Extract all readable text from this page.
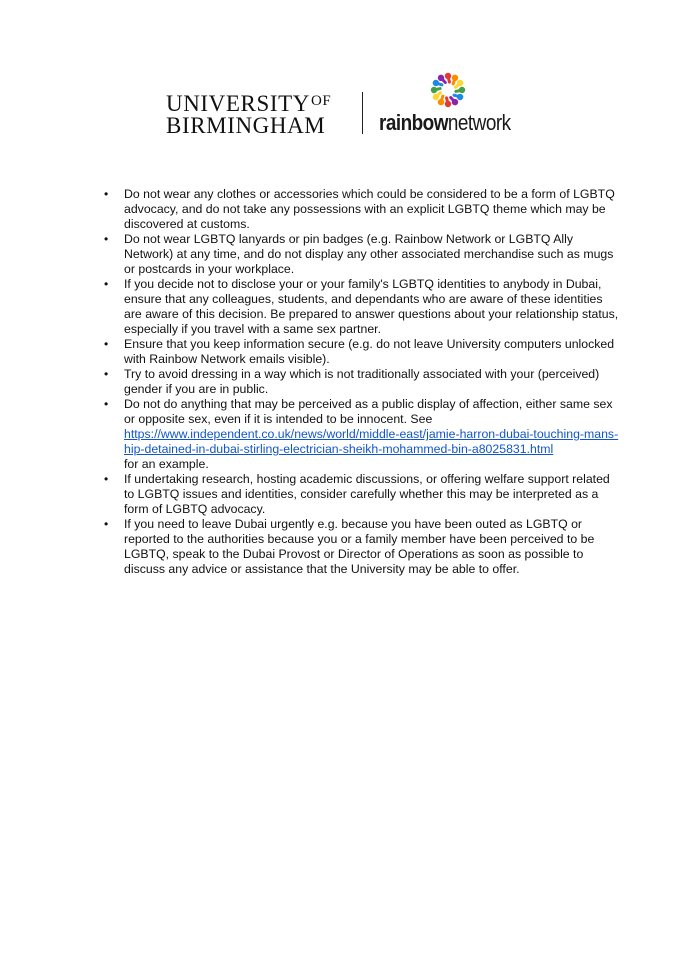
$UNIVERSITY^{OF}$
BIRMINGHAM rainbownetwork
• Do not wear any clothes or accessories which could be considered to be a form of LGBTQ advocacy, and do not take any possessions with an explicit LGBTQ theme which may be discovered at customs.
• Do not wear LGBTQ lanyards or pin badges (e.g. Rainbow Network or LGBTQ Ally Network) at any time, and do not display any other associated merchandise such as mugs or postcards in your workplace.
• If you decide not to disclose your or your family's LGBTQ identities to anybody in Dubai, ensure that any colleagues, students, and dependants who are aware of these identities are aware of this decision. Be prepared to answer questions about your relationship status, especially if you travel with a same sex partner.
• Ensure that you keep information secure (e.g. do not leave University computers unlocked with Rainbow Network emails visible).
• Try to avoid dressing in a way which is not traditionally associated with your (perceived) gender if you are in public.
• Do not do anything that may be perceived as a public display of affection, either same sex or opposite sex, even if it is intended to be innocent. See
https://www.independent.co.uk/news/world/middle-east/jamie-harron-dubai-touching-mans-hip-detained-in-dubai-stirling-electrician-sheikh-mohammed-bin-a8025831.html
for an example.
• If undertaking research, hosting academic discussions, or offering welfare support related to LGBTQ issues and identities, consider carefully whether this may be interpreted as a form of LGBTQ advocacy.
• If you need to leave Dubai urgently e.g. because you have been outed as LGBTQ or reported to the authorities because you or a family member have been perceived to be LGBTQ, speak to the Dubai Provost or Director of Operations as soon as possible to discuss any advice or assistance that the University may be able to offer.
